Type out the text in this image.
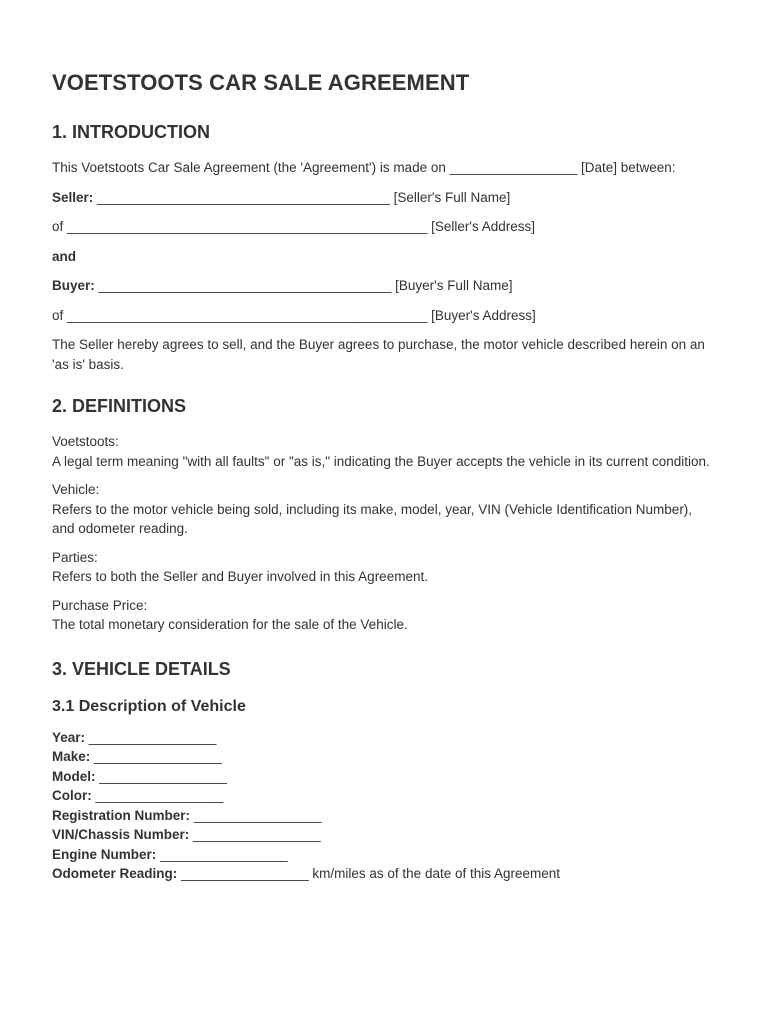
VOETSTOOTS CAR SALE AGREEMENT
1. INTRODUCTION

This Voetstoots Car Sale Agreement (the 'Agreement') is made on _________________ [Date] between:

Seller: _______________________________________ [Seller's Full Name]

of ________________________________________________ [Seller's Address]

and

Buyer: _______________________________________ [Buyer's Full Name]

of ________________________________________________ [Buyer's Address]

The Seller hereby agrees to sell, and the Buyer agrees to purchase, the motor vehicle described herein on an 'as is' basis.

2. DEFINITIONS

Voetstoots:
A legal term meaning "with all faults" or "as is," indicating the Buyer accepts the vehicle in its current condition.

Vehicle:
Refers to the motor vehicle being sold, including its make, model, year, VIN (Vehicle Identification Number), and odometer reading.

Parties:
Refers to both the Seller and Buyer involved in this Agreement.

Purchase Price:
The total monetary consideration for the sale of the Vehicle.

3. VEHICLE DETAILS
3.1 Description of Vehicle

Year: _________________

Make: _________________

Model: _________________

Color: _________________

Registration Number: _________________

VIN/Chassis Number: _________________

Engine Number: _________________

Odometer Reading: _________________ km/miles as of the date of this Agreement
